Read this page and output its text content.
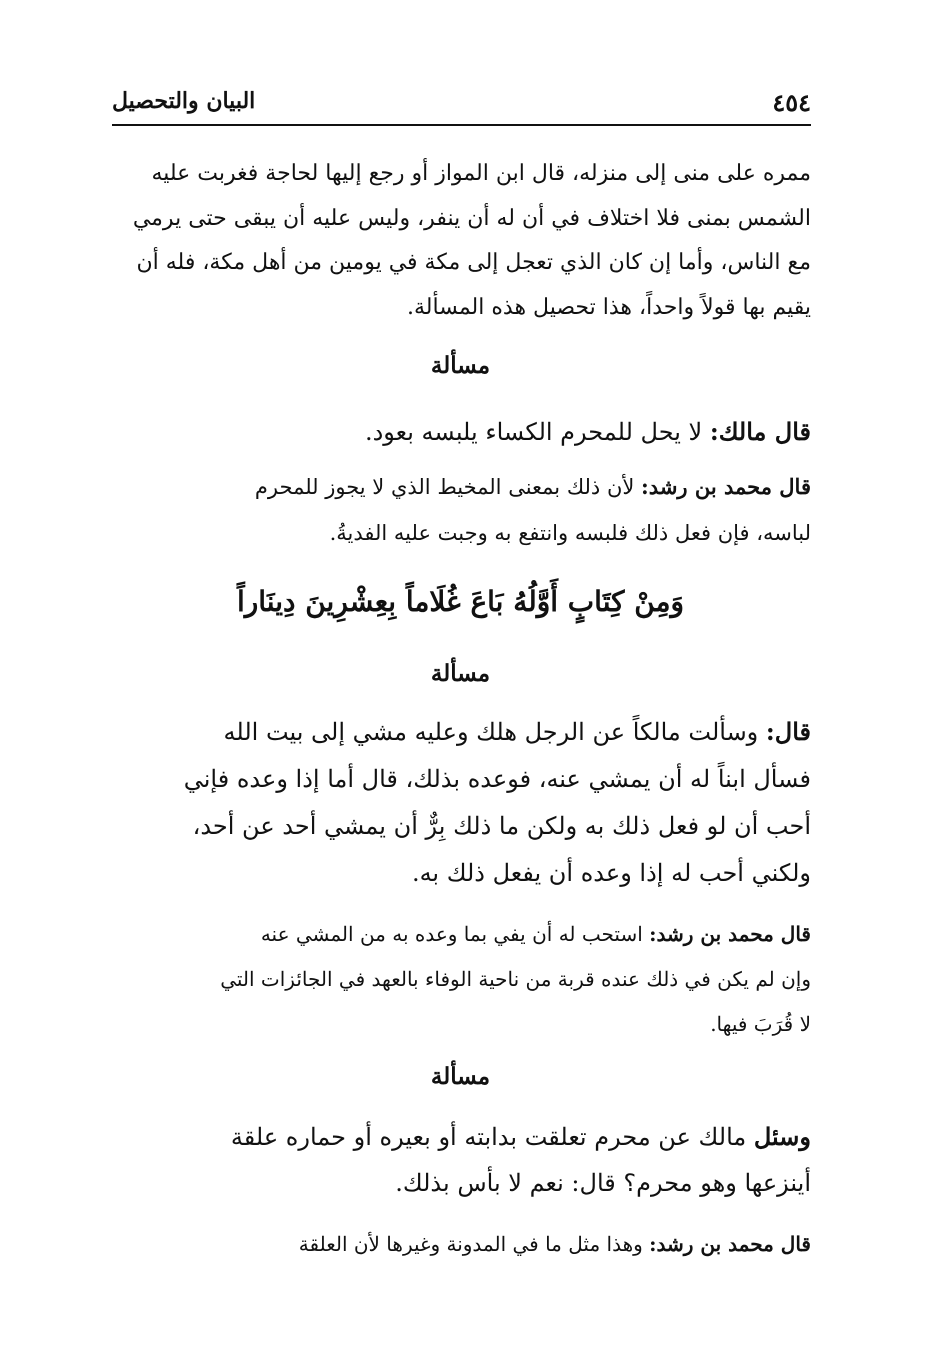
٤٥٤
البيان والتحصيل
ممره على منى إلى منزله، قال ابن المواز أو رجع إليها لحاجة فغربت عليه
الشمس بمنى فلا اختلاف في أن له أن ينفر، وليس عليه أن يبقى حتى يرمي
مع الناس، وأما إن كان الذي تعجل إلى مكة في يومين من أهل مكة، فله أن
يقيم بها قولاً واحداً، هذا تحصيل هذه المسألة.
مسألة
قال مالك: لا يحل للمحرم الكساء يلبسه بعود.
قال محمد بن رشد: لأن ذلك بمعنى المخيط الذي لا يجوز للمحرم
لباسه، فإن فعل ذلك فلبسه وانتفع به وجبت عليه الفديةُ.
وَمِنْ كِتَابٍ أَوَّلُهُ بَاعَ غُلَاماً بِعِشْرِينَ دِينَاراً
مسألة
قال: وسألت مالكاً عن الرجل هلك وعليه مشي إلى بيت الله
فسأل ابناً له أن يمشي عنه، فوعده بذلك، قال أما إذا وعده فإني
أحب أن لو فعل ذلك به ولكن ما ذلك بِرٌّ أن يمشي أحد عن أحد،
ولكني أحب له إذا وعده أن يفعل ذلك به.
قال محمد بن رشد: استحب له أن يفي بما وعده به من المشي عنه
وإن لم يكن في ذلك عنده قربة من ناحية الوفاء بالعهد في الجائزات التي
لا قُرَبَ فيها.
مسألة
وسئل مالك عن محرم تعلقت بدابته أو بعيره أو حماره علقة
أينزعها وهو محرم؟ قال: نعم لا بأس بذلك.
قال محمد بن رشد: وهذا مثل ما في المدونة وغيرها لأن العلقة
